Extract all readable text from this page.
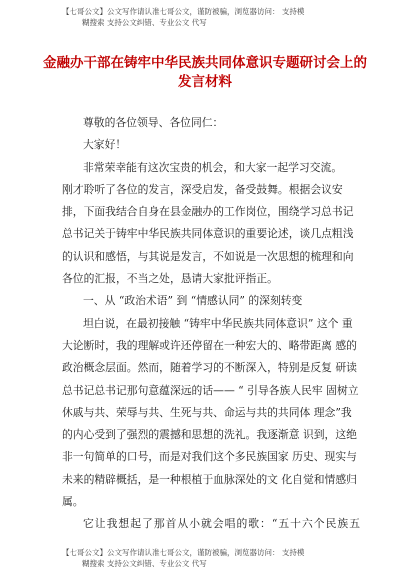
【七哥公文】公文写作请认准七哥公文，谨防被骗，浏览器访问： 支持模
糊搜索 支持公文纠错、专业公文 代写
金融办干部在铸牢中华民族共同体意识专题研讨会上的发言材料

尊敬的各位领导、各位同仁：

大家好！

非常荣幸能有这次宝贵的机会，和大家一起学习交流。

刚才聆听了各位的发言，深受启发，备受鼓舞。根据会议安排，下面我结合自身在县金融办的工作岗位，围绕学习总书记总书记关于铸牢中华民族共同体意识的重要论述，谈几点粗浅的认识和感悟，与其说是发言，不如说是一次思想的梳理和向各位的汇报，不当之处，恳请大家批评指正。

一、从 “政治术语” 到 “情感认同” 的深刻转变

坦白说，在最初接触 “铸牢中华民族共同体意识” 这个 重大论断时，我的理解或许还停留在一种宏大的、略带距离 感的政治概念层面。然而，随着学习的不断深入，特别是反复 研读总书记总书记那句意蕴深远的话—— “ 引导各族人民牢 固树立休戚与共、荣辱与共、生死与共、命运与共的共同体 理念”我的内心受到了强烈的震撼和思想的洗礼。我逐渐意 识到，这绝非一句简单的口号，而是对我们这个多民族国家 历史、现实与未来的精辟概括，是一种根植于血脉深处的文 化自觉和情感归属。

它让我想起了那首从小就会唱的歌：“五十六个民族五

【七哥公文】公文写作请认准七哥公文，谨防被骗，浏览器访问： 支持模
糊搜索 支持公文纠错、专业公文 代写
